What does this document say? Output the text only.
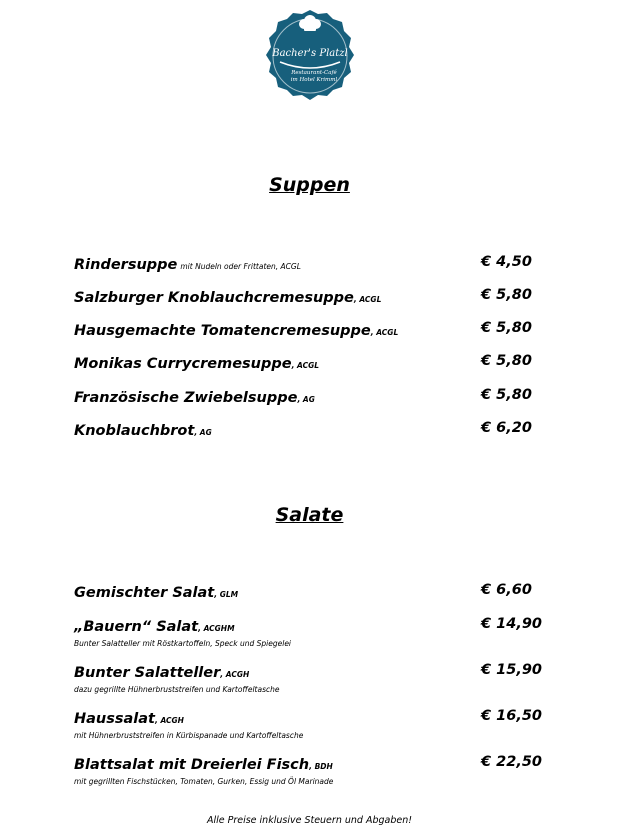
Bacher's Platzl
Restaurant-Café
im Hotel Krimml
Suppen
Rindersuppe mit Nudeln oder Frittaten, ACGL	€ 4,50
Salzburger Knoblauchcremesuppe, ACGL	€ 5,80
Hausgemachte Tomatencremesuppe, ACGL	€ 5,80
Monikas Currycremesuppe, ACGL	€ 5,80
Französische Zwiebelsuppe, AG	€ 5,80
Knoblauchbrot, AG	€ 6,20
Salate
Gemischter Salat, GLM	€ 6,60
„Bauern“ Salat, ACGHM	€ 14,90
Bunter Salatteller mit Röstkartoffeln, Speck und Spiegelei
Bunter Salatteller, ACGH	€ 15,90
dazu gegrillte Hühnerbruststreifen und Kartoffeltasche
Haussalat, ACGH	€ 16,50
mit Hühnerbruststreifen in Kürbispanade und Kartoffeltasche
Blattsalat mit Dreierlei Fisch, BDH	€ 22,50
mit gegrillten Fischstücken, Tomaten, Gurken, Essig und Öl Marinade
Alle Preise inklusive Steuern und Abgaben!
